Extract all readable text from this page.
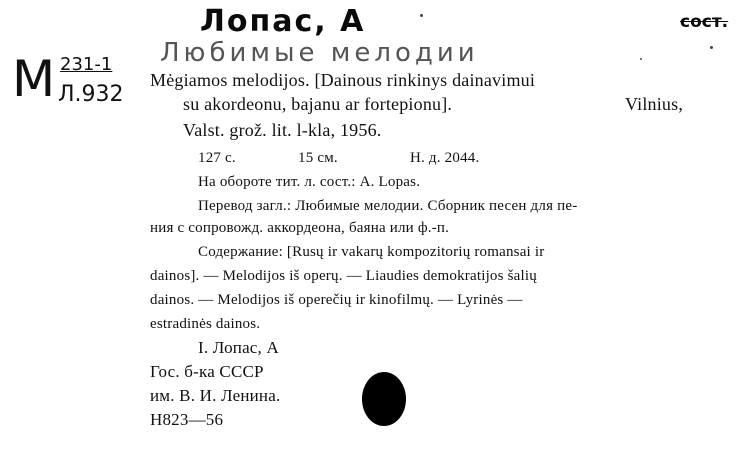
Лопас, А	сост.
Любимые мелодии
М 231-1
Л.932
Mėgiamos melodijos. [Dainous rinkinys dainavimui
su akordeonu, bajanu ar fortepionu].	Vilnius,
Valst. grož. lit. l-kla, 1956.
127 с.	15 см.	Н. д. 2044.
На обороте тит. л. сост.: А. Lopas.
Перевод загл.: Любимые мелодии. Сборник песен для пе-
ния с сопровожд. аккордеона, баяна или ф.-п.
Содержание: [Rusų ir vakarų kompozitorių romansai ir
dainos]. — Melodijos iš operų. — Liaudies demokratijos šalių
dainos. — Melodijos iš operečių ir kinofilmų. — Lyrinės —
estradinės dainos.
I. Лопас, А
Гос. б-ка СССР
им. В. И. Ленина.
Н823—56
